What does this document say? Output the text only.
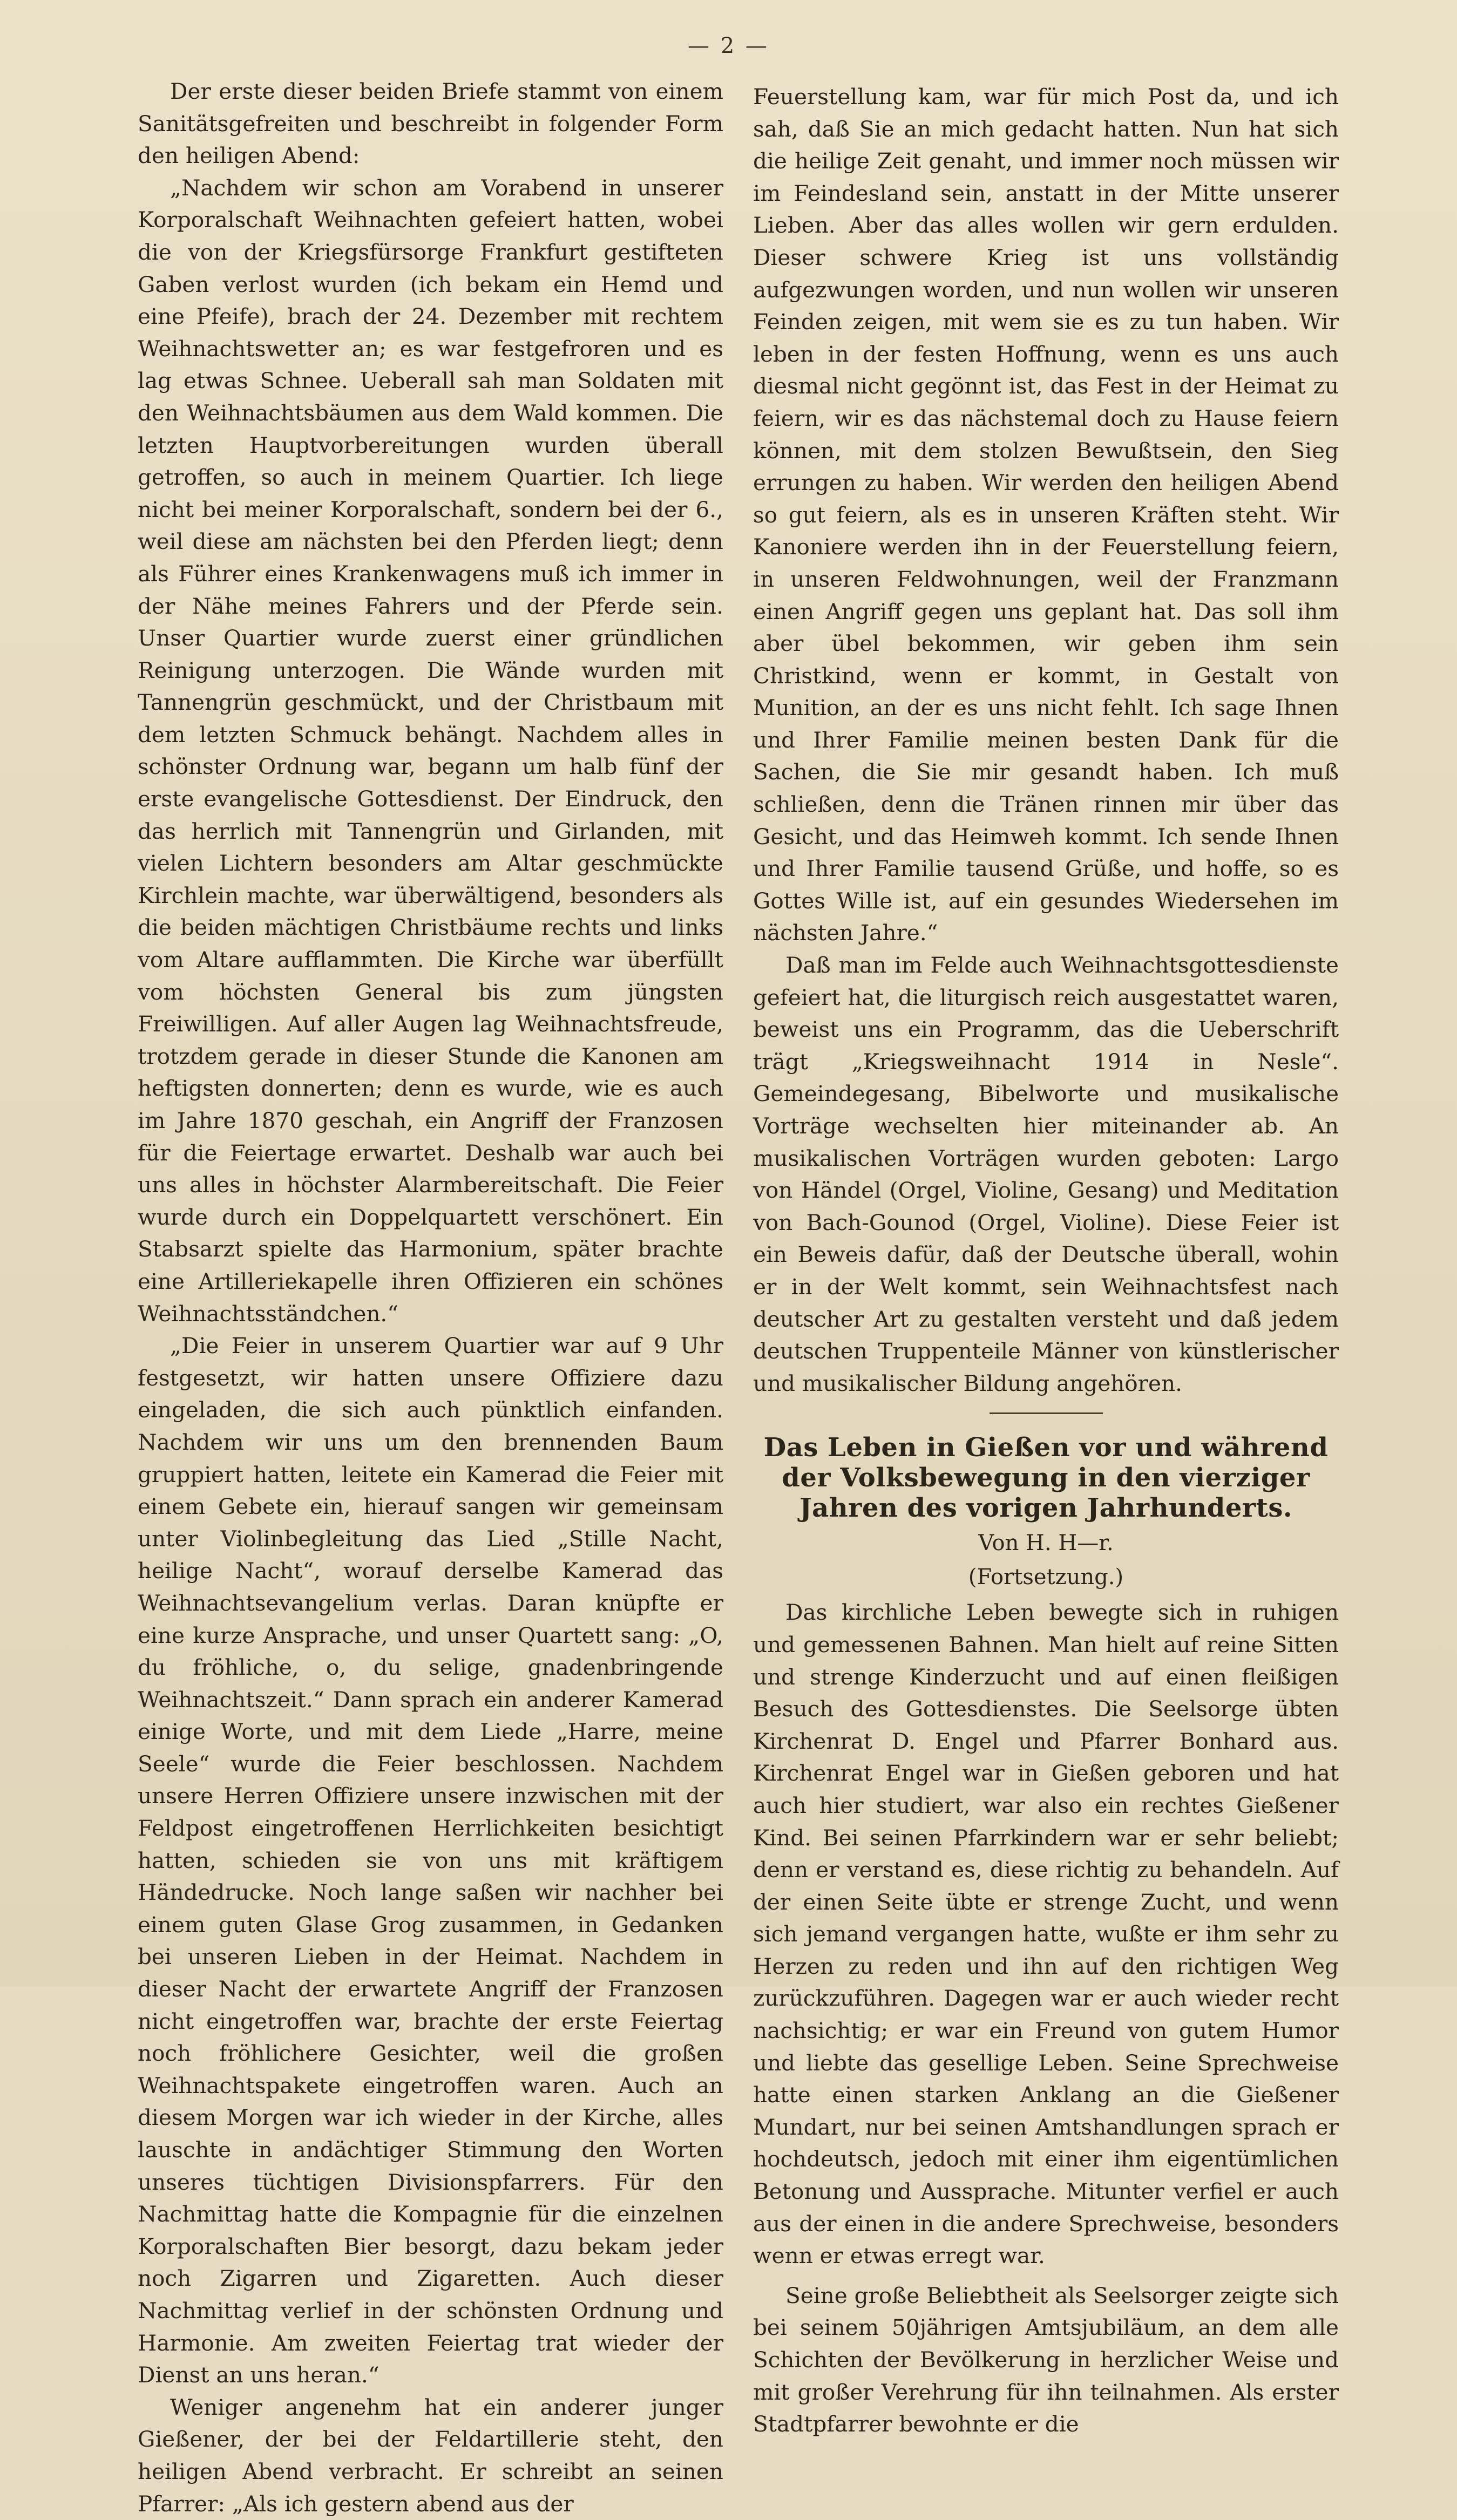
— 2 —

Der erste dieser beiden Briefe stammt von einem Sanitätsgefreiten und beschreibt in folgender Form den heiligen Abend:

„Nachdem wir schon am Vorabend in unserer Korporalschaft Weihnachten gefeiert hatten, wobei die von der Kriegsfürsorge Frankfurt gestifteten Gaben verlost wurden (ich bekam ein Hemd und eine Pfeife), brach der 24. Dezember mit rechtem Weihnachtswetter an; es war festgefroren und es lag etwas Schnee. Ueberall sah man Soldaten mit den Weihnachtsbäumen aus dem Wald kommen. Die letzten Hauptvorbereitungen wurden überall getroffen, so auch in meinem Quartier. Ich liege nicht bei meiner Korporalschaft, sondern bei der 6., weil diese am nächsten bei den Pferden liegt; denn als Führer eines Krankenwagens muß ich immer in der Nähe meines Fahrers und der Pferde sein. Unser Quartier wurde zuerst einer gründlichen Reinigung unterzogen. Die Wände wurden mit Tannengrün geschmückt, und der Christbaum mit dem letzten Schmuck behängt. Nachdem alles in schönster Ordnung war, begann um halb fünf der erste evangelische Gottesdienst. Der Eindruck, den das herrlich mit Tannengrün und Girlanden, mit vielen Lichtern besonders am Altar geschmückte Kirchlein machte, war überwältigend, besonders als die beiden mächtigen Christbäume rechts und links vom Altare aufflammten. Die Kirche war überfüllt vom höchsten General bis zum jüngsten Freiwilligen. Auf aller Augen lag Weihnachtsfreude, trotzdem gerade in dieser Stunde die Kanonen am heftigsten donnerten; denn es wurde, wie es auch im Jahre 1870 geschah, ein Angriff der Franzosen für die Feiertage erwartet. Deshalb war auch bei uns alles in höchster Alarmbereitschaft. Die Feier wurde durch ein Doppelquartett verschönert. Ein Stabsarzt spielte das Harmonium, später brachte eine Artilleriekapelle ihren Offizieren ein schönes Weihnachtsständchen.“

„Die Feier in unserem Quartier war auf 9 Uhr festgesetzt, wir hatten unsere Offiziere dazu eingeladen, die sich auch pünktlich einfanden. Nachdem wir uns um den brennenden Baum gruppiert hatten, leitete ein Kamerad die Feier mit einem Gebete ein, hierauf sangen wir gemeinsam unter Violinbegleitung das Lied „Stille Nacht, heilige Nacht“, worauf derselbe Kamerad das Weihnachtsevangelium verlas. Daran knüpfte er eine kurze Ansprache, und unser Quartett sang: „O, du fröhliche, o, du selige, gnadenbringende Weihnachtszeit.“ Dann sprach ein anderer Kamerad einige Worte, und mit dem Liede „Harre, meine Seele“ wurde die Feier beschlossen. Nachdem unsere Herren Offiziere unsere inzwischen mit der Feldpost eingetroffenen Herrlichkeiten besichtigt hatten, schieden sie von uns mit kräftigem Händedrucke. Noch lange saßen wir nachher bei einem guten Glase Grog zusammen, in Gedanken bei unseren Lieben in der Heimat. Nachdem in dieser Nacht der erwartete Angriff der Franzosen nicht eingetroffen war, brachte der erste Feiertag noch fröhlichere Gesichter, weil die großen Weihnachtspakete eingetroffen waren. Auch an diesem Morgen war ich wieder in der Kirche, alles lauschte in andächtiger Stimmung den Worten unseres tüchtigen Divisionspfarrers. Für den Nachmittag hatte die Kompagnie für die einzelnen Korporalschaften Bier besorgt, dazu bekam jeder noch Zigarren und Zigaretten. Auch dieser Nachmittag verlief in der schönsten Ordnung und Harmonie. Am zweiten Feiertag trat wieder der Dienst an uns heran.“

Weniger angenehm hat ein anderer junger Gießener, der bei der Feldartillerie steht, den heiligen Abend verbracht. Er schreibt an seinen Pfarrer: „Als ich gestern abend aus der

Feuerstellung kam, war für mich Post da, und ich sah, daß Sie an mich gedacht hatten. Nun hat sich die heilige Zeit genaht, und immer noch müssen wir im Feindesland sein, anstatt in der Mitte unserer Lieben. Aber das alles wollen wir gern erdulden. Dieser schwere Krieg ist uns vollständig aufgezwungen worden, und nun wollen wir unseren Feinden zeigen, mit wem sie es zu tun haben. Wir leben in der festen Hoffnung, wenn es uns auch diesmal nicht gegönnt ist, das Fest in der Heimat zu feiern, wir es das nächstemal doch zu Hause feiern können, mit dem stolzen Bewußtsein, den Sieg errungen zu haben. Wir werden den heiligen Abend so gut feiern, als es in unseren Kräften steht. Wir Kanoniere werden ihn in der Feuerstellung feiern, in unseren Feldwohnungen, weil der Franzmann einen Angriff gegen uns geplant hat. Das soll ihm aber übel bekommen, wir geben ihm sein Christkind, wenn er kommt, in Gestalt von Munition, an der es uns nicht fehlt. Ich sage Ihnen und Ihrer Familie meinen besten Dank für die Sachen, die Sie mir gesandt haben. Ich muß schließen, denn die Tränen rinnen mir über das Gesicht, und das Heimweh kommt. Ich sende Ihnen und Ihrer Familie tausend Grüße, und hoffe, so es Gottes Wille ist, auf ein gesundes Wiedersehen im nächsten Jahre.“

Daß man im Felde auch Weihnachtsgottesdienste gefeiert hat, die liturgisch reich ausgestattet waren, beweist uns ein Programm, das die Ueberschrift trägt „Kriegsweihnacht 1914 in Nesle“. Gemeindegesang, Bibelworte und musikalische Vorträge wechselten hier miteinander ab. An musikalischen Vorträgen wurden geboten: Largo von Händel (Orgel, Violine, Gesang) und Meditation von Bach-Gounod (Orgel, Violine). Diese Feier ist ein Beweis dafür, daß der Deutsche überall, wohin er in der Welt kommt, sein Weihnachtsfest nach deutscher Art zu gestalten versteht und daß jedem deutschen Truppenteile Männer von künstlerischer und musikalischer Bildung angehören.

Das Leben in Gießen vor und während der Volksbewegung in den vierziger Jahren des vorigen Jahrhunderts.
Von H. H—r.
(Fortsetzung.)

Das kirchliche Leben bewegte sich in ruhigen und gemessenen Bahnen. Man hielt auf reine Sitten und strenge Kinderzucht und auf einen fleißigen Besuch des Gottesdienstes. Die Seelsorge übten Kirchenrat D. Engel und Pfarrer Bonhard aus. Kirchenrat Engel war in Gießen geboren und hat auch hier studiert, war also ein rechtes Gießener Kind. Bei seinen Pfarrkindern war er sehr beliebt; denn er verstand es, diese richtig zu behandeln. Auf der einen Seite übte er strenge Zucht, und wenn sich jemand vergangen hatte, wußte er ihm sehr zu Herzen zu reden und ihn auf den richtigen Weg zurückzuführen. Dagegen war er auch wieder recht nachsichtig; er war ein Freund von gutem Humor und liebte das gesellige Leben. Seine Sprechweise hatte einen starken Anklang an die Gießener Mundart, nur bei seinen Amtshandlungen sprach er hochdeutsch, jedoch mit einer ihm eigentümlichen Betonung und Aussprache. Mitunter verfiel er auch aus der einen in die andere Sprechweise, besonders wenn er etwas erregt war.

Seine große Beliebtheit als Seelsorger zeigte sich bei seinem 50jährigen Amtsjubiläum, an dem alle Schichten der Bevölkerung in herzlicher Weise und mit großer Verehrung für ihn teilnahmen. Als erster Stadtpfarrer bewohnte er die
